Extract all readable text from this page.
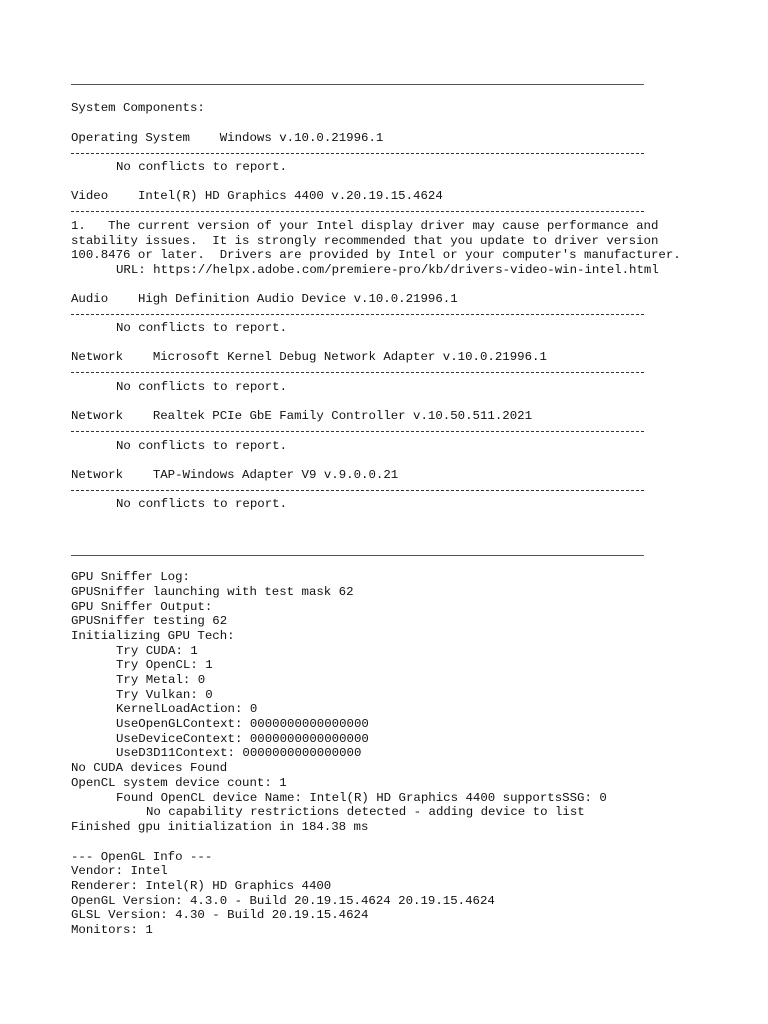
System Components:
Operating System Windows v.10.0.21996.1
No conflicts to report.
Video Intel(R) HD Graphics 4400 v.20.19.15.4624
1.   The current version of your Intel display driver may cause performance and
stability issues.  It is strongly recommended that you update to driver version
100.8476 or later.  Drivers are provided by Intel or your computer's manufacturer.
URL: https://helpx.adobe.com/premiere-pro/kb/drivers-video-win-intel.html
Audio High Definition Audio Device v.10.0.21996.1
No conflicts to report.
Network Microsoft Kernel Debug Network Adapter v.10.0.21996.1
No conflicts to report.
Network Realtek PCIe GbE Family Controller v.10.50.511.2021
No conflicts to report.
Network TAP-Windows Adapter V9 v.9.0.0.21
No conflicts to report.
GPU Sniffer Log:
GPUSniffer launching with test mask 62
GPU Sniffer Output:
GPUSniffer testing 62
Initializing GPU Tech:
Try CUDA: 1
Try OpenCL: 1
Try Metal: 0
Try Vulkan: 0
KernelLoadAction: 0
UseOpenGLContext: 0000000000000000
UseDeviceContext: 0000000000000000
UseD3D11Context: 0000000000000000
No CUDA devices Found
OpenCL system device count: 1
Found OpenCL device Name: Intel(R) HD Graphics 4400 supportsSSG: 0
No capability restrictions detected - adding device to list
Finished gpu initialization in 184.38 ms
--- OpenGL Info ---
Vendor: Intel
Renderer: Intel(R) HD Graphics 4400
OpenGL Version: 4.3.0 - Build 20.19.15.4624 20.19.15.4624
GLSL Version: 4.30 - Build 20.19.15.4624
Monitors: 1
